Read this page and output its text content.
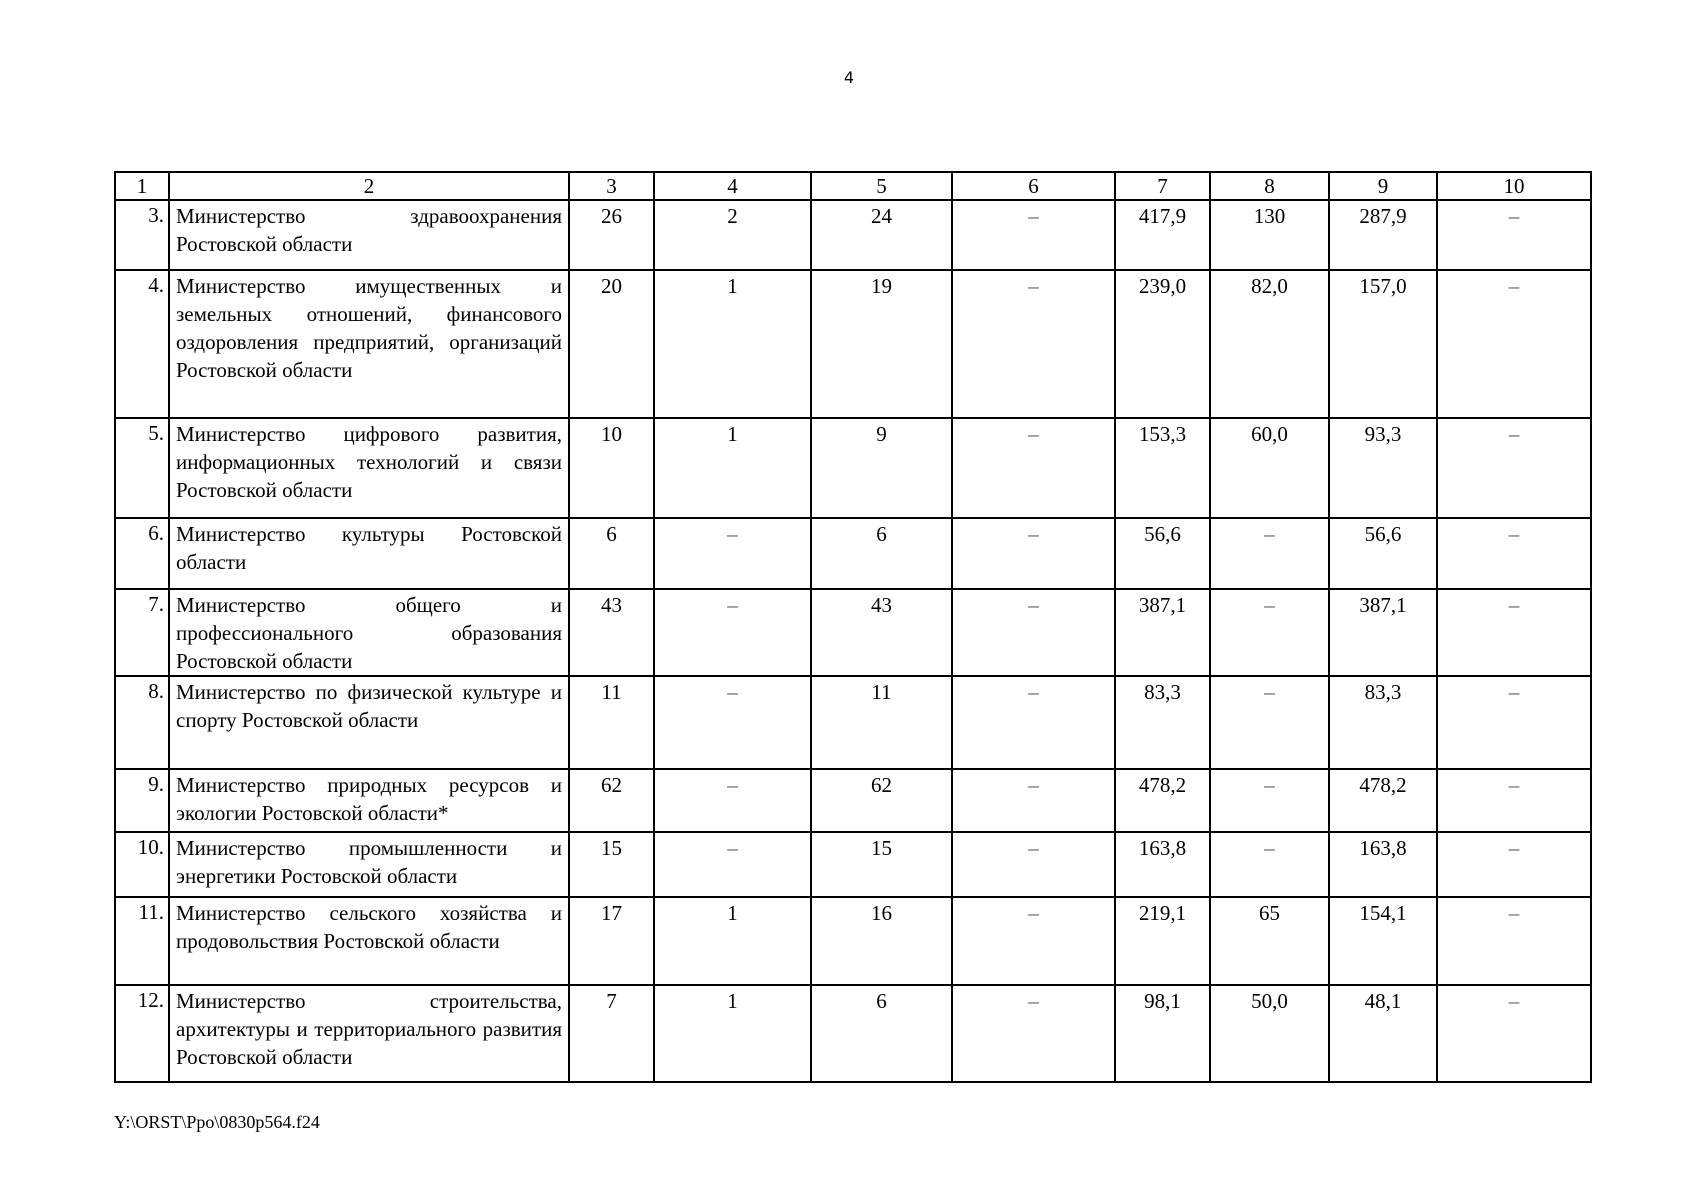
4
1	2	3	4	5	6	7	8	9	10
3.	Министерство здравоохранения Ростовской области	26	2	24	–	417,9	130	287,9	–
4.	Министерство имущественных и земельных отношений, финансового оздоровления предприятий, организаций Ростовской области	20	1	19	–	239,0	82,0	157,0	–
5.	Министерство цифрового развития, информационных технологий и связи Ростовской области	10	1	9	–	153,3	60,0	93,3	–
6.	Министерство культуры Ростовской области	6	–	6	–	56,6	–	56,6	–
7.	Министерство общего и профессионального образования Ростовской области	43	–	43	–	387,1	–	387,1	–
8.	Министерство по физической культуре и спорту Ростовской области	11	–	11	–	83,3	–	83,3	–
9.	Министерство природных ресурсов и экологии Ростовской области*	62	–	62	–	478,2	–	478,2	–
10.	Министерство промышленности и энергетики Ростовской области	15	–	15	–	163,8	–	163,8	–
11.	Министерство сельского хозяйства и продовольствия Ростовской области	17	1	16	–	219,1	65	154,1	–
12.	Министерство строительства, архитектуры и территориального развития Ростовской области	7	1	6	–	98,1	50,0	48,1	–
Y:\ORST\Ppo\0830p564.f24
